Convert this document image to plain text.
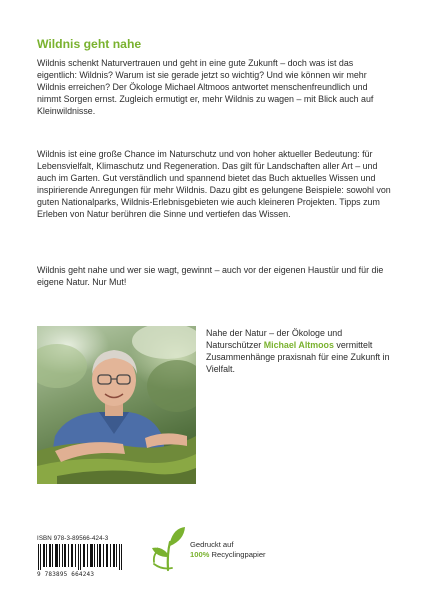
Wildnis geht nahe

Wildnis schenkt Naturvertrauen und geht in eine gute Zukunft – doch was ist das eigentlich: Wildnis? Warum ist sie gerade jetzt so wichtig? Und wie können wir mehr Wildnis erreichen? Der Ökologe Michael Altmoos antwortet menschenfreundlich und nimmt Sorgen ernst. Zugleich ermutigt er, mehr Wildnis zu wagen – mit Blick auch auf Kleinwildnisse.

Wildnis ist eine große Chance im Naturschutz und von hoher aktueller Bedeutung: für Lebensvielfalt, Klimaschutz und Regeneration. Das gilt für Landschaften aller Art – und auch im Garten. Gut verständlich und spannend bietet das Buch aktuelles Wissen und inspirierende Anregungen für mehr Wildnis. Dazu gibt es gelungene Beispiele: sowohl von guten Nationalparks, Wildnis-Erlebnisgebieten wie auch kleineren Projekten. Tipps zum Erleben von Natur berühren die Sinne und vertiefen das Wissen.

Wildnis geht nahe und wer sie wagt, gewinnt – auch vor der eigenen Haustür und für die eigene Natur. Nur Mut!

Nahe der Natur – der Ökologe und Naturschützer Michael Altmoos vermittelt Zusammenhänge praxisnah für eine Zukunft in Vielfalt.

ISBN 978-3-89566-424-3
9 783895 664243
Gedruckt auf
100% Recyclingpapier
